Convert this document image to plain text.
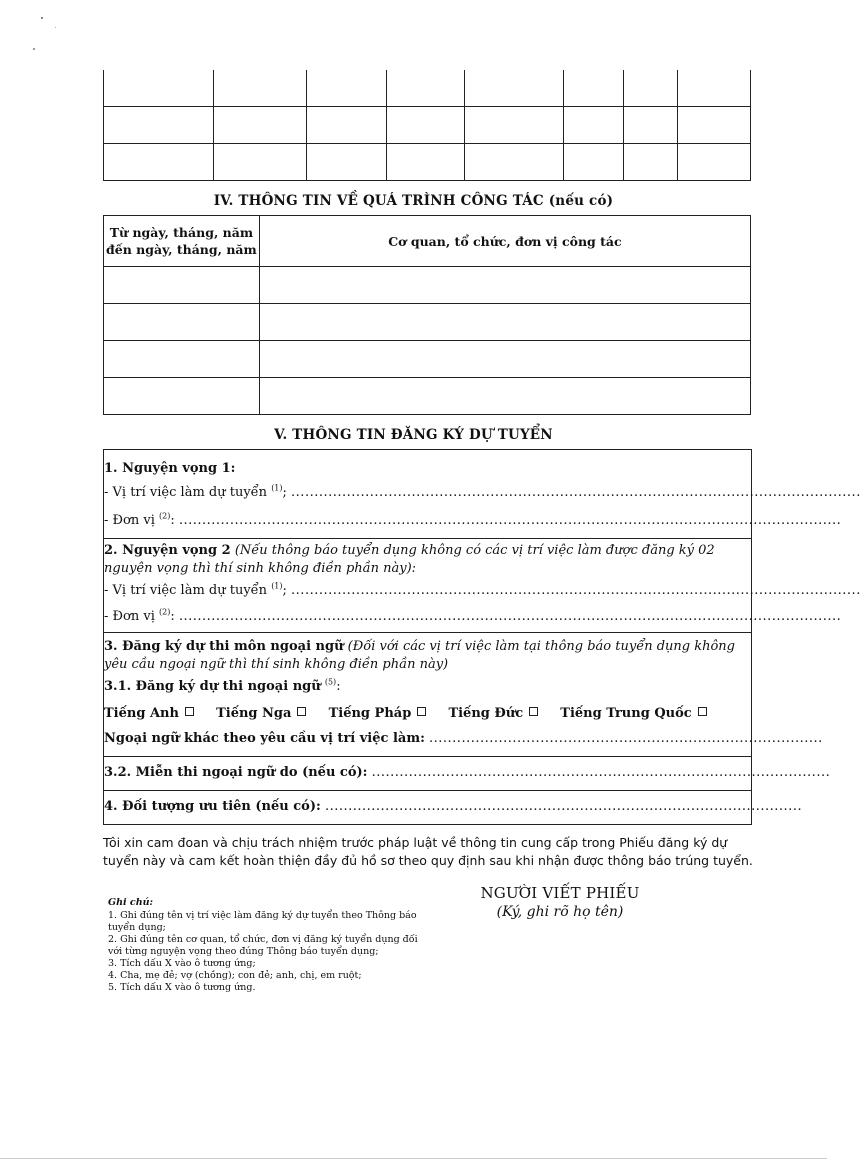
IV. THÔNG TIN VỀ QUÁ TRÌNH CÔNG TÁC (nếu có)
Từ ngày, tháng, năm đến ngày, tháng, năm	Cơ quan, tổ chức, đơn vị công tác

V. THÔNG TIN ĐĂNG KÝ DỰ TUYỂN
1. Nguyện vọng 1:
- Vị trí việc làm dự tuyển $^{(1)}$; ...........................................................................................................................
- Đơn vị $^{(2)}$: ...............................................................................................................................................
2. Nguyện vọng 2 (Nếu thông báo tuyển dụng không có các vị trí việc làm được đăng ký 02 nguyện vọng thì thí sinh không điền phần này):
- Vị trí việc làm dự tuyển $^{(1)}$; ...........................................................................................................................
- Đơn vị $^{(2)}$: ...............................................................................................................................................
3. Đăng ký dự thi môn ngoại ngữ (Đối với các vị trí việc làm tại thông báo tuyển dụng không yêu cầu ngoại ngữ thì thí sinh không điền phần này)
3.1. Đăng ký dự thi ngoại ngữ $^{(5)}$:
Tiếng Anh	Tiếng Nga	Tiếng Pháp	Tiếng Đức	Tiếng Trung Quốc
Ngoại ngữ khác theo yêu cầu vị trí việc làm: .....................................................................................
3.2. Miễn thi ngoại ngữ do (nếu có): ...................................................................................................
4. Đối tượng ưu tiên (nếu có): .......................................................................................................
Tôi xin cam đoan và chịu trách nhiệm trước pháp luật về thông tin cung cấp trong Phiếu đăng ký dự tuyển này và cam kết hoàn thiện đầy đủ hồ sơ theo quy định sau khi nhận được thông báo trúng tuyển.
Ghi chú:
1. Ghi đúng tên vị trí việc làm đăng ký dự tuyển theo Thông báo tuyển dụng;
2. Ghi đúng tên cơ quan, tổ chức, đơn vị đăng ký tuyển dụng đối với từng nguyện vọng theo đúng Thông báo tuyển dụng;
3. Tích dấu X vào ô tương ứng;
4. Cha, mẹ đẻ; vợ (chồng); con đẻ; anh, chị, em ruột;
5. Tích dấu X vào ô tương ứng.
NGƯỜI VIẾT PHIẾU
(Ký, ghi rõ họ tên)
